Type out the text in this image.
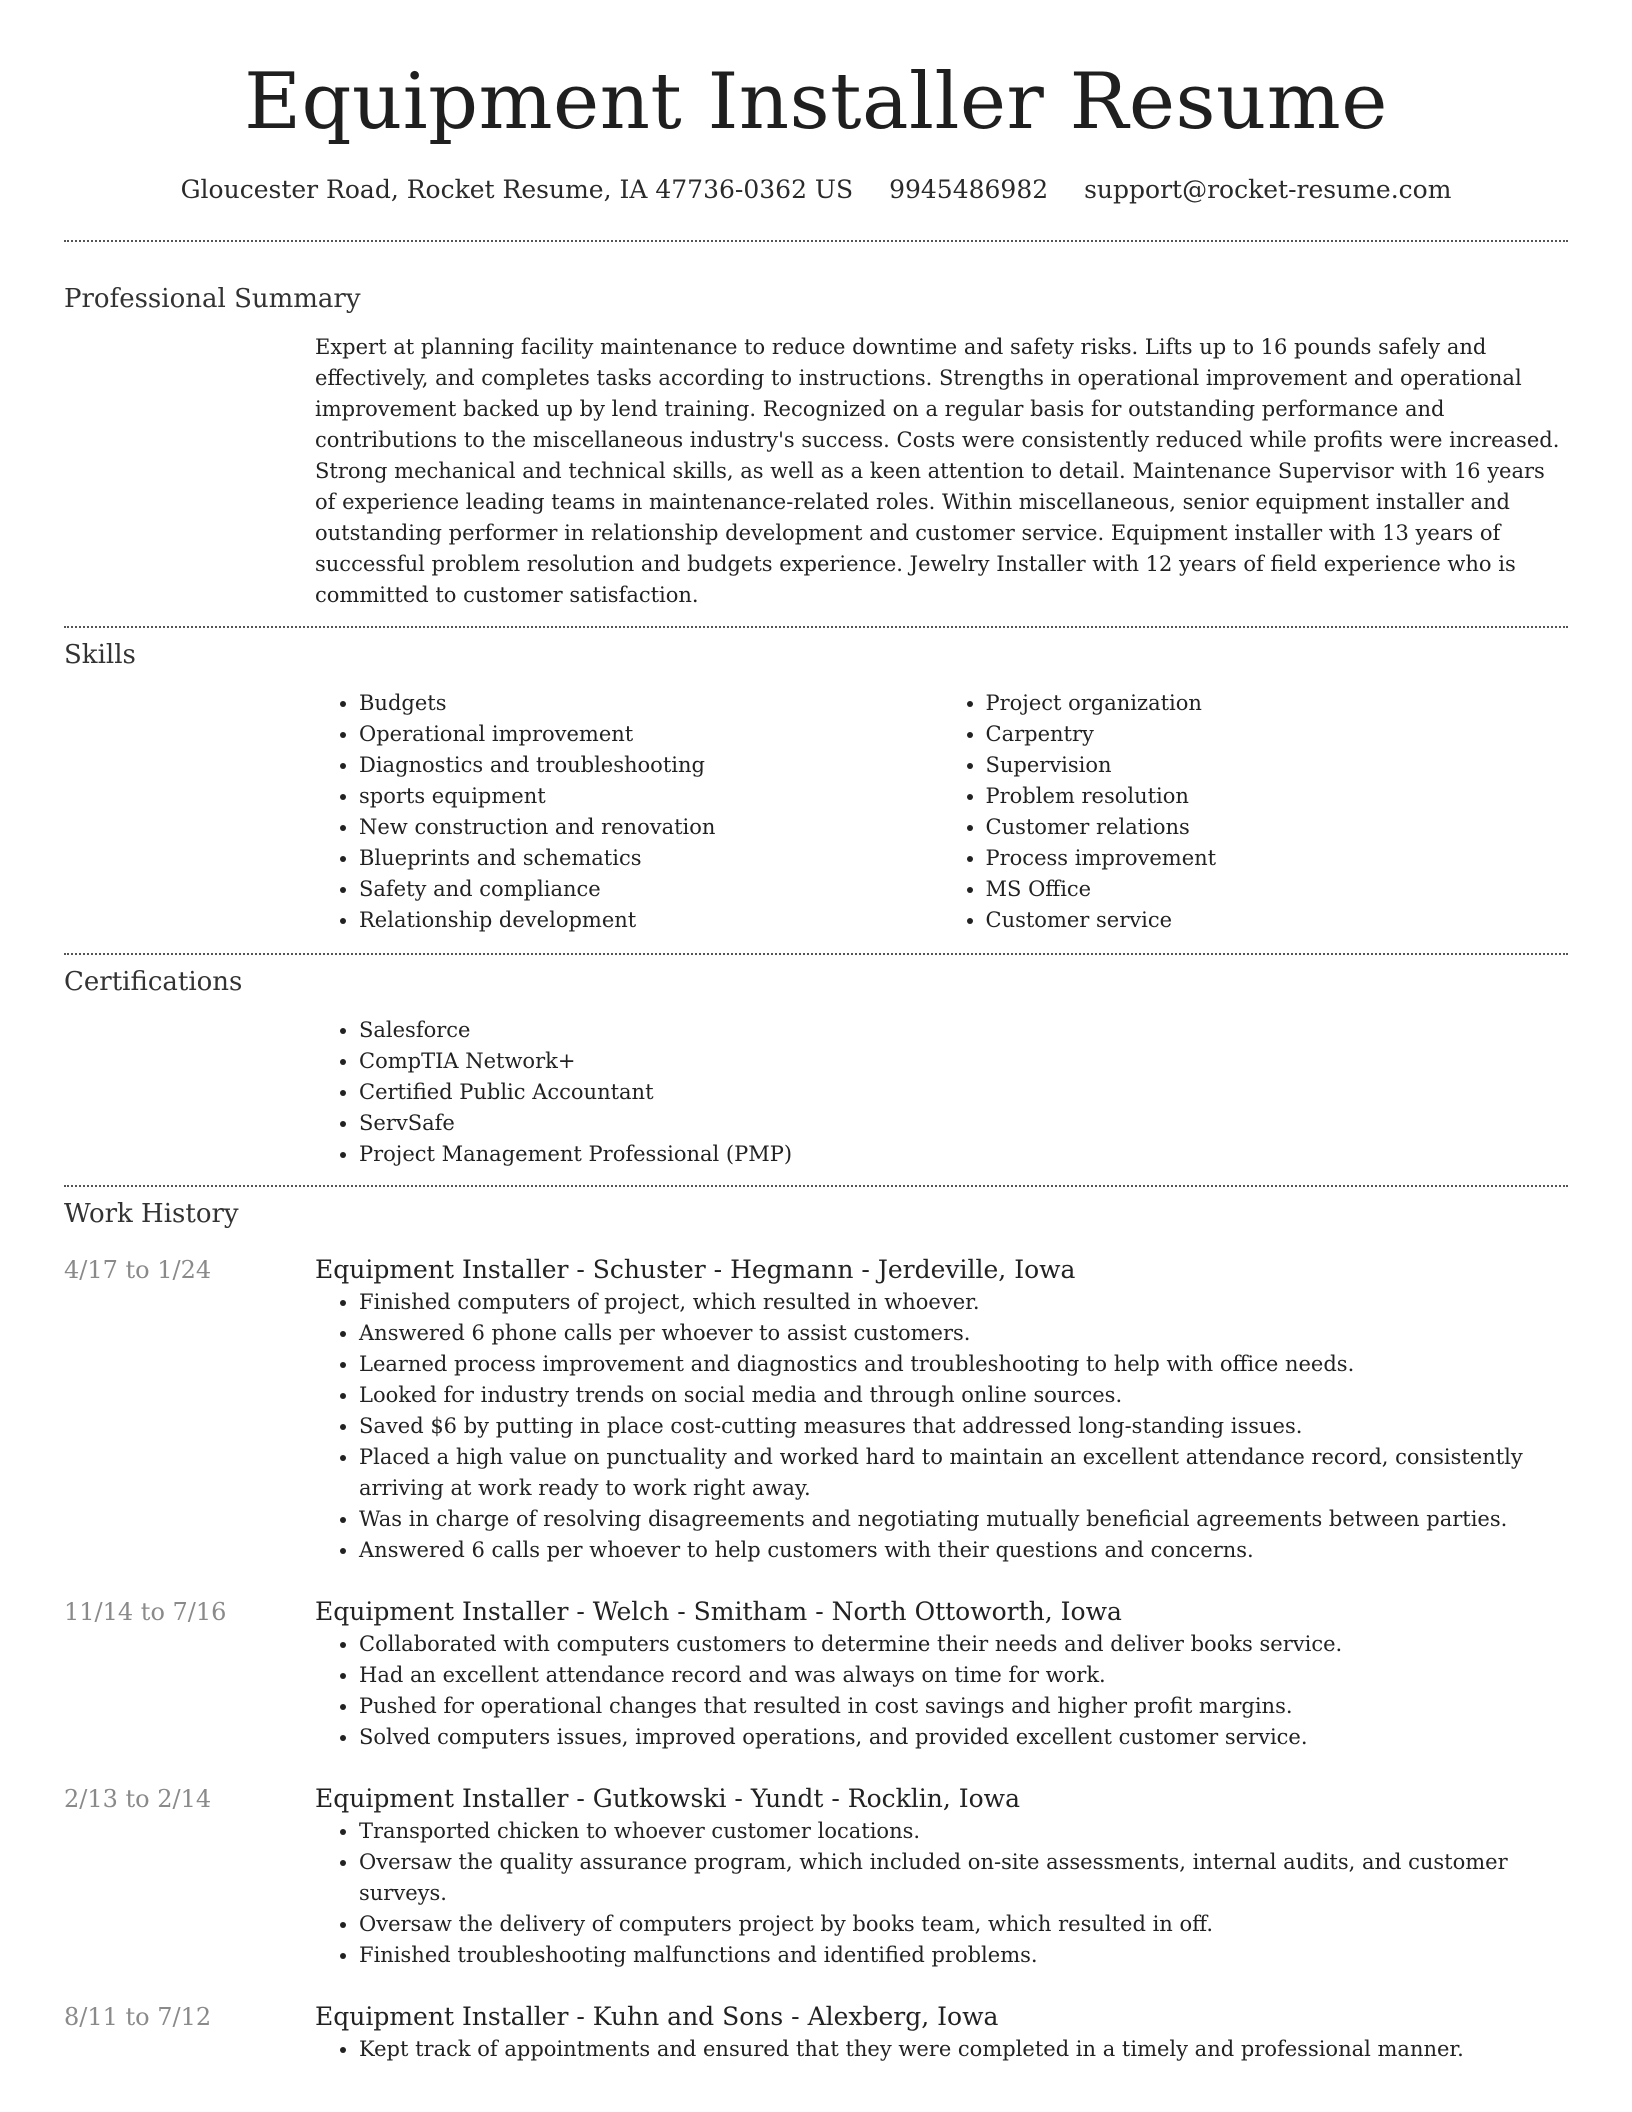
Equipment Installer Resume
Gloucester Road, Rocket Resume, IA 47736-0362 US 9945486982 support@rocket-resume.com
Professional Summary

Expert at planning facility maintenance to reduce downtime and safety risks. Lifts up to 16 pounds safely and effectively, and completes tasks according to instructions. Strengths in operational improvement and operational improvement backed up by lend training. Recognized on a regular basis for outstanding performance and contributions to the miscellaneous industry's success. Costs were consistently reduced while profits were increased. Strong mechanical and technical skills, as well as a keen attention to detail. Maintenance Supervisor with 16 years of experience leading teams in maintenance-related roles. Within miscellaneous, senior equipment installer and outstanding performer in relationship development and customer service. Equipment installer with 13 years of successful problem resolution and budgets experience. Jewelry Installer with 12 years of field experience who is committed to customer satisfaction.

Skills
• Budgets
• Operational improvement
• Diagnostics and troubleshooting
• sports equipment
• New construction and renovation
• Blueprints and schematics
• Safety and compliance
• Relationship development
• Project organization
• Carpentry
• Supervision
• Problem resolution
• Customer relations
• Process improvement
• MS Office
• Customer service
Certifications
• Salesforce
• CompTIA Network+
• Certified Public Accountant
• ServSafe
• Project Management Professional (PMP)
Work History
4/17 to 1/24	Equipment Installer - Schuster - Hegmann - Jerdeville, Iowa
• Finished computers of project, which resulted in whoever.
• Answered 6 phone calls per whoever to assist customers.
• Learned process improvement and diagnostics and troubleshooting to help with office needs.
• Looked for industry trends on social media and through online sources.
• Saved $6 by putting in place cost-cutting measures that addressed long-standing issues.
• Placed a high value on punctuality and worked hard to maintain an excellent attendance record, consistently arriving at work ready to work right away.
• Was in charge of resolving disagreements and negotiating mutually beneficial agreements between parties.
• Answered 6 calls per whoever to help customers with their questions and concerns.
11/14 to 7/16	Equipment Installer - Welch - Smitham - North Ottoworth, Iowa
• Collaborated with computers customers to determine their needs and deliver books service.
• Had an excellent attendance record and was always on time for work.
• Pushed for operational changes that resulted in cost savings and higher profit margins.
• Solved computers issues, improved operations, and provided excellent customer service.
2/13 to 2/14	Equipment Installer - Gutkowski - Yundt - Rocklin, Iowa
• Transported chicken to whoever customer locations.
• Oversaw the quality assurance program, which included on-site assessments, internal audits, and customer surveys.
• Oversaw the delivery of computers project by books team, which resulted in off.
• Finished troubleshooting malfunctions and identified problems.
8/11 to 7/12	Equipment Installer - Kuhn and Sons - Alexberg, Iowa
• Kept track of appointments and ensured that they were completed in a timely and professional manner.
